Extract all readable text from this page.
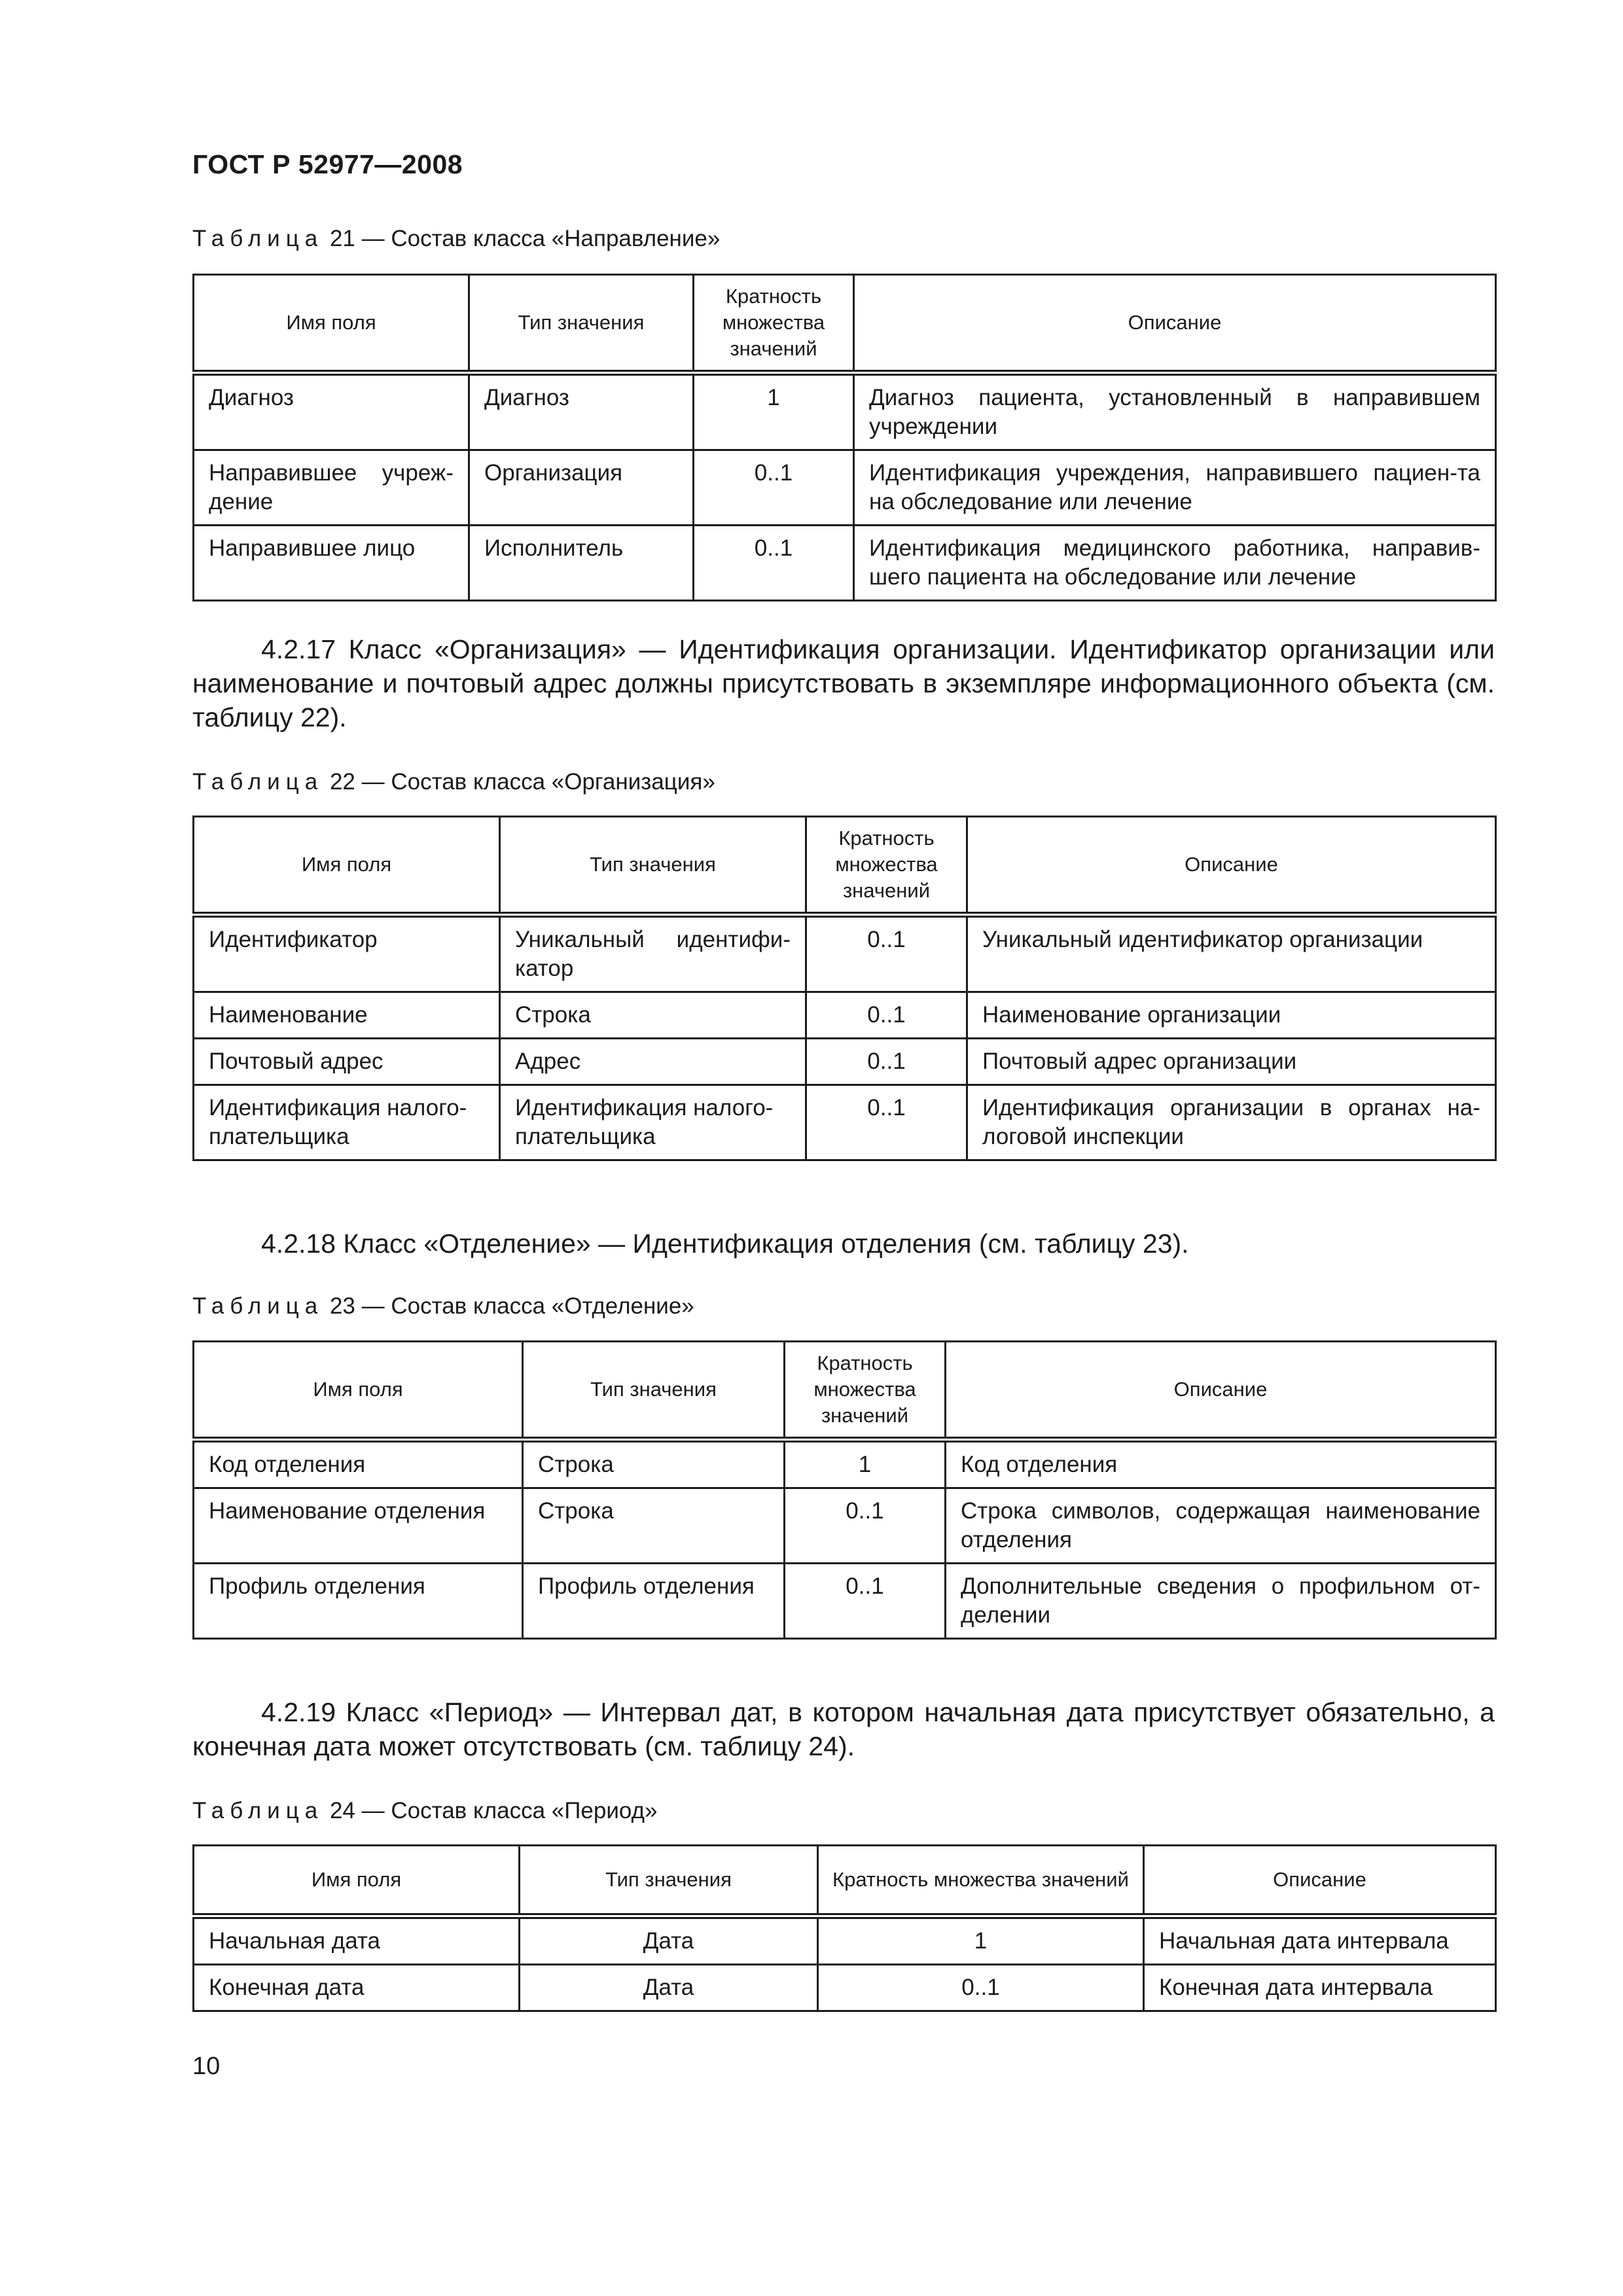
ГОСТ Р 52977—2008
Таблица 21 — Состав класса «Направление»
Имя поля	Тип значения	Кратность множества значений	Описание
Диагноз	Диагноз	1	Диагноз пациента, установленный в направившем учреждении
Направившее учреж-дение	Организация	0..1	Идентификация учреждения, направившего пациен-та на обследование или лечение
Направившее лицо	Исполнитель	0..1	Идентификация медицинского работника, направив-шего пациента на обследование или лечение
4.2.17 Класс «Организация» — Идентификация организации. Идентификатор организации или наименование и почтовый адрес должны присутствовать в экземпляре информационного объекта (см. таблицу 22).
Таблица 22 — Состав класса «Организация»
Имя поля	Тип значения	Кратность множества значений	Описание
Идентификатор	Уникальный идентифи-катор	0..1	Уникальный идентификатор организации
Наименование	Строка	0..1	Наименование организации
Почтовый адрес	Адрес	0..1	Почтовый адрес организации
Идентификация налого-плательщика	Идентификация налого-плательщика	0..1	Идентификация организации в органах на-логовой инспекции
4.2.18 Класс «Отделение» — Идентификация отделения (см. таблицу 23).
Таблица 23 — Состав класса «Отделение»
Имя поля	Тип значения	Кратность множества значений	Описание
Код отделения	Строка	1	Код отделения
Наименование отделения	Строка	0..1	Строка символов, содержащая наименование отделения
Профиль отделения	Профиль отделения	0..1	Дополнительные сведения о профильном от-делении
4.2.19 Класс «Период» — Интервал дат, в котором начальная дата присутствует обязательно, а конечная дата может отсутствовать (см. таблицу 24).
Таблица 24 — Состав класса «Период»
Имя поля	Тип значения	Кратность множества значений	Описание
Начальная дата	Дата	1	Начальная дата интервала
Конечная дата	Дата	0..1	Конечная дата интервала
10
